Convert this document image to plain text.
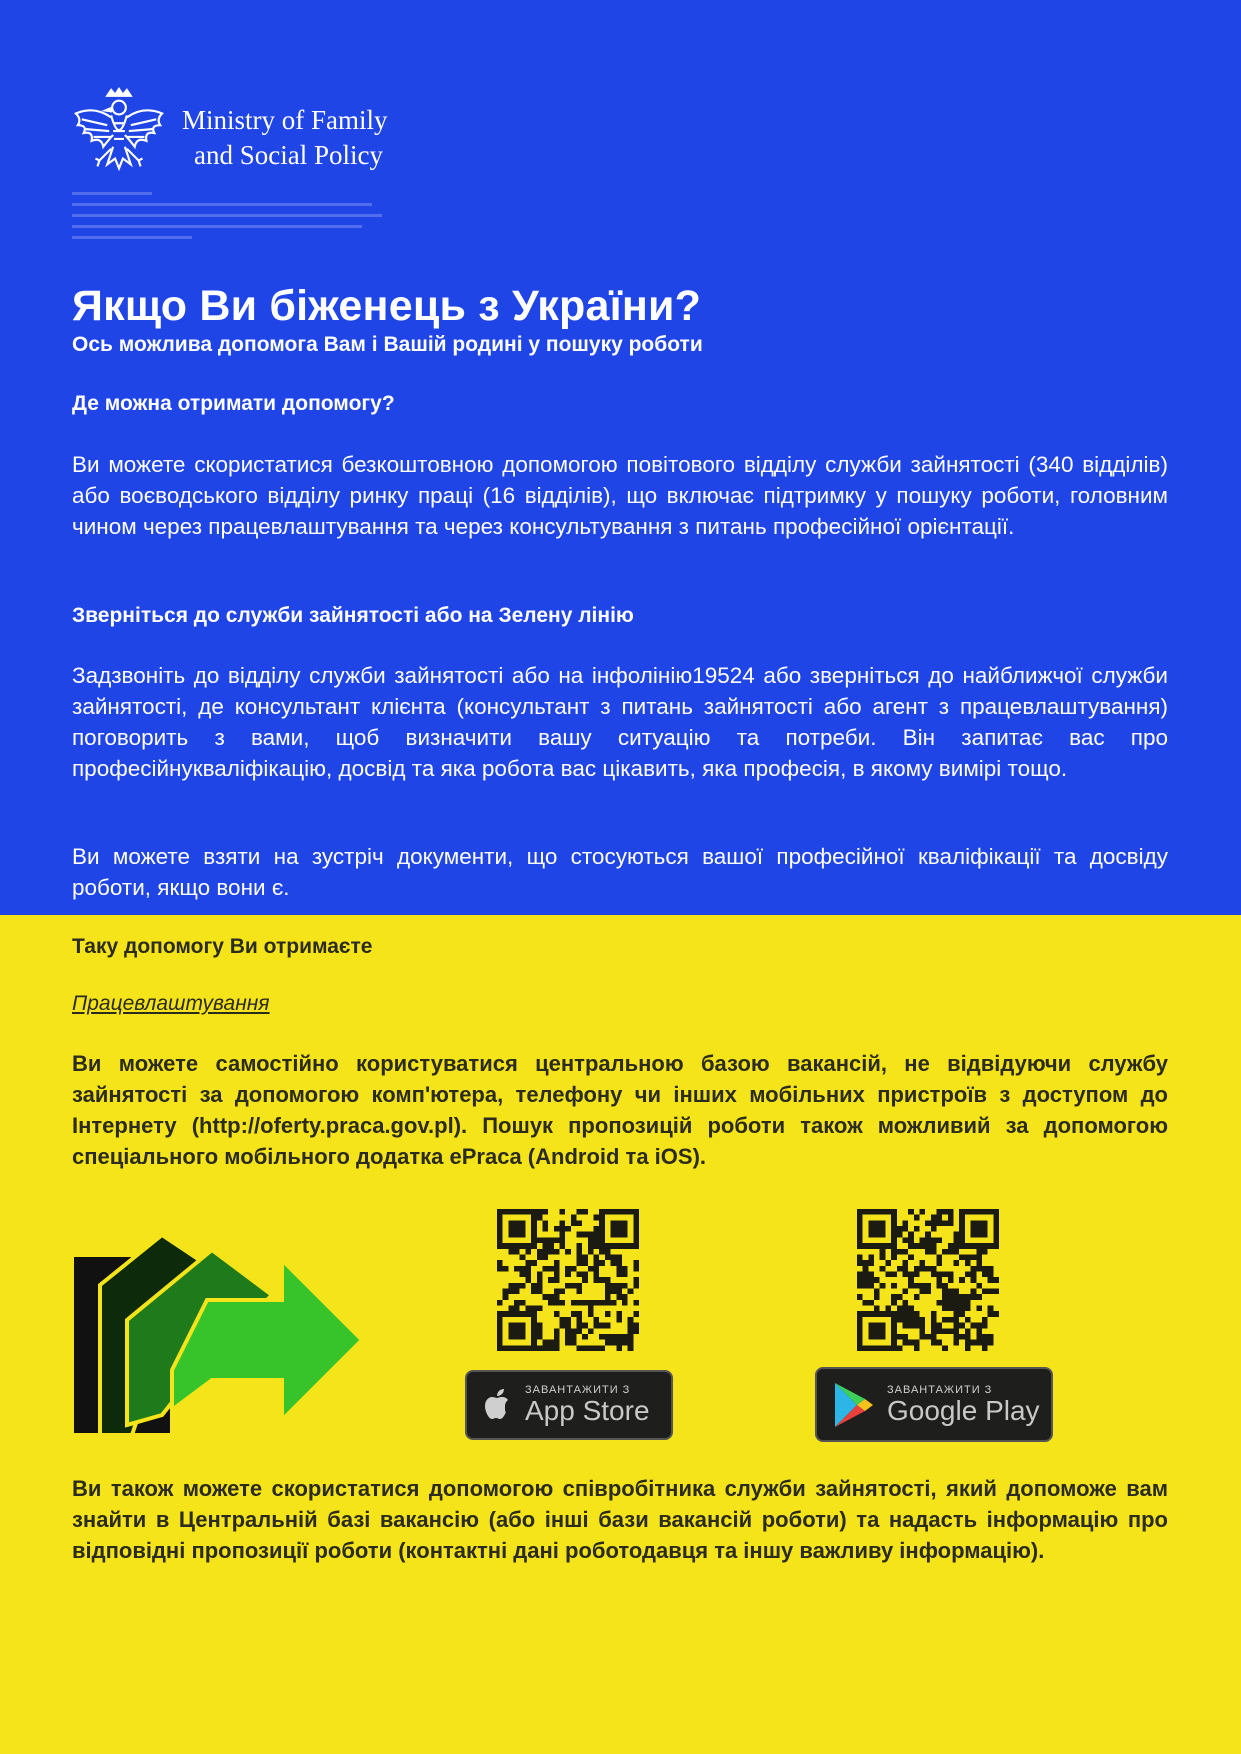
Ministry of Family
and Social Policy
Якщо Ви біженець з України?
Ось можлива допомога Вам і Вашій родині у пошуку роботи
Де можна отримати допомогу?
Ви можете скористатися безкоштовною допомогою повітового відділу служби зайнятості (340 відділів) або воєводського відділу ринку праці (16 відділів), що включає підтримку у пошуку роботи, головним чином через працевлаштування та через консультування з питань професійної орієнтації.
Зверніться до служби зайнятості або на Зелену лінію
Задзвоніть до відділу служби зайнятості або на інфолінію19524 або зверніться до найближчої служби зайнятості, де консультант клієнта (консультант з питань зайнятості або агент з працевлаштування) поговорить з вами, щоб визначити вашу ситуацію та потреби. Він запитає вас про професійнукваліфікацію, досвід та яка робота вас цікавить, яка професія, в якому вимірі тощо.
Ви можете взяти на зустріч документи, що стосуються вашої професійної кваліфікації та досвіду роботи, якщо вони є.
Таку допомогу Ви отримаєте
Працевлаштування
Ви можете самостійно користуватися центральною базою вакансій, не відвідуючи службу зайнятості за допомогою комп'ютера, телефону чи інших мобільних пристроїв з доступом до Інтернету (http://oferty.praca.gov.pl). Пошук пропозицій роботи також можливий за допомогою спеціального мобільного додатка ePraca (Android та iOS).
ЗАВАНТАЖИТИ З
App Store
ЗАВАНТАЖИТИ З
Google Play
Ви також можете скористатися допомогою співробітника служби зайнятості, який допоможе вам знайти в Центральній базі вакансію (або інші бази вакансій роботи) та надасть інформацію про відповідні пропозиції роботи (контактні дані роботодавця та іншу важливу інформацію).
